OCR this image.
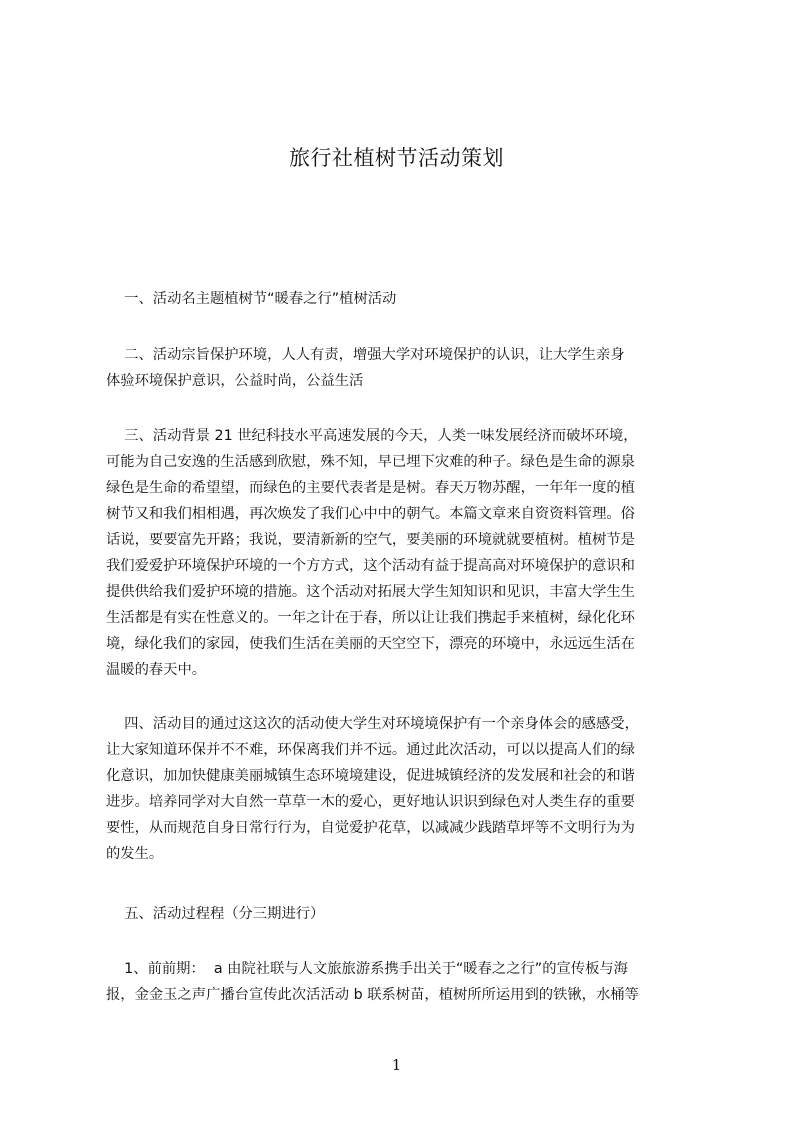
旅行社植树节活动策划
一、活动名主题植树节“暖春之行”植树活动
二、活动宗旨保护环境，人人有责，增强大学对环境保护的认识，让大学生亲身
体验环境保护意识，公益时尚，公益生活
三、活动背景 21 世纪科技水平高速发展的今天，人类一味发展经济而破坏环境，
可能为自己安逸的生活感到欣慰，殊不知，早已埋下灾难的种子。绿色是生命的源泉
绿色是生命的希望望，而绿色的主要代表者是是树。春天万物苏醒，一年年一度的植
树节又和我们相相遇，再次焕发了我们心中中的朝气。本篇文章来自资资料管理。俗
话说，要要富先开路；我说，要清新新的空气，要美丽的环境就就要植树。植树节是
我们爱爱护环境保护环境的一个方方式，这个活动有益于提高高对环境保护的意识和
提供供给我们爱护环境的措施。这个活动对拓展大学生知知识和见识，丰富大学生生
生活都是有实在性意义的。一年之计在于春，所以让让我们携起手来植树，绿化化环
境，绿化我们的家园，使我们生活在美丽的天空空下，漂亮的环境中，永远远生活在
温暖的春天中。
四、活动目的通过这这次的活动使大学生对环境境保护有一个亲身体会的感感受，
让大家知道环保并不不难，环保离我们并不远。通过此次活动，可以以提高人们的绿
化意识，加加快健康美丽城镇生态环境境建设，促进城镇经济的发发展和社会的和谐
进步。培养同学对大自然一草草一木的爱心，更好地认识识到绿色对人类生存的重要
要性，从而规范自身日常行行为，自觉爱护花草，以减减少践踏草坪等不文明行为为
的发生。
五、活动过程程（分三期进行）
1、前前期：  a 由院社联与人文旅旅游系携手出关于“暖春之之行”的宣传板与海
报，金金玉之声广播台宣传此次活活动 b 联系树苗，植树所所运用到的铁锹，水桶等
1
